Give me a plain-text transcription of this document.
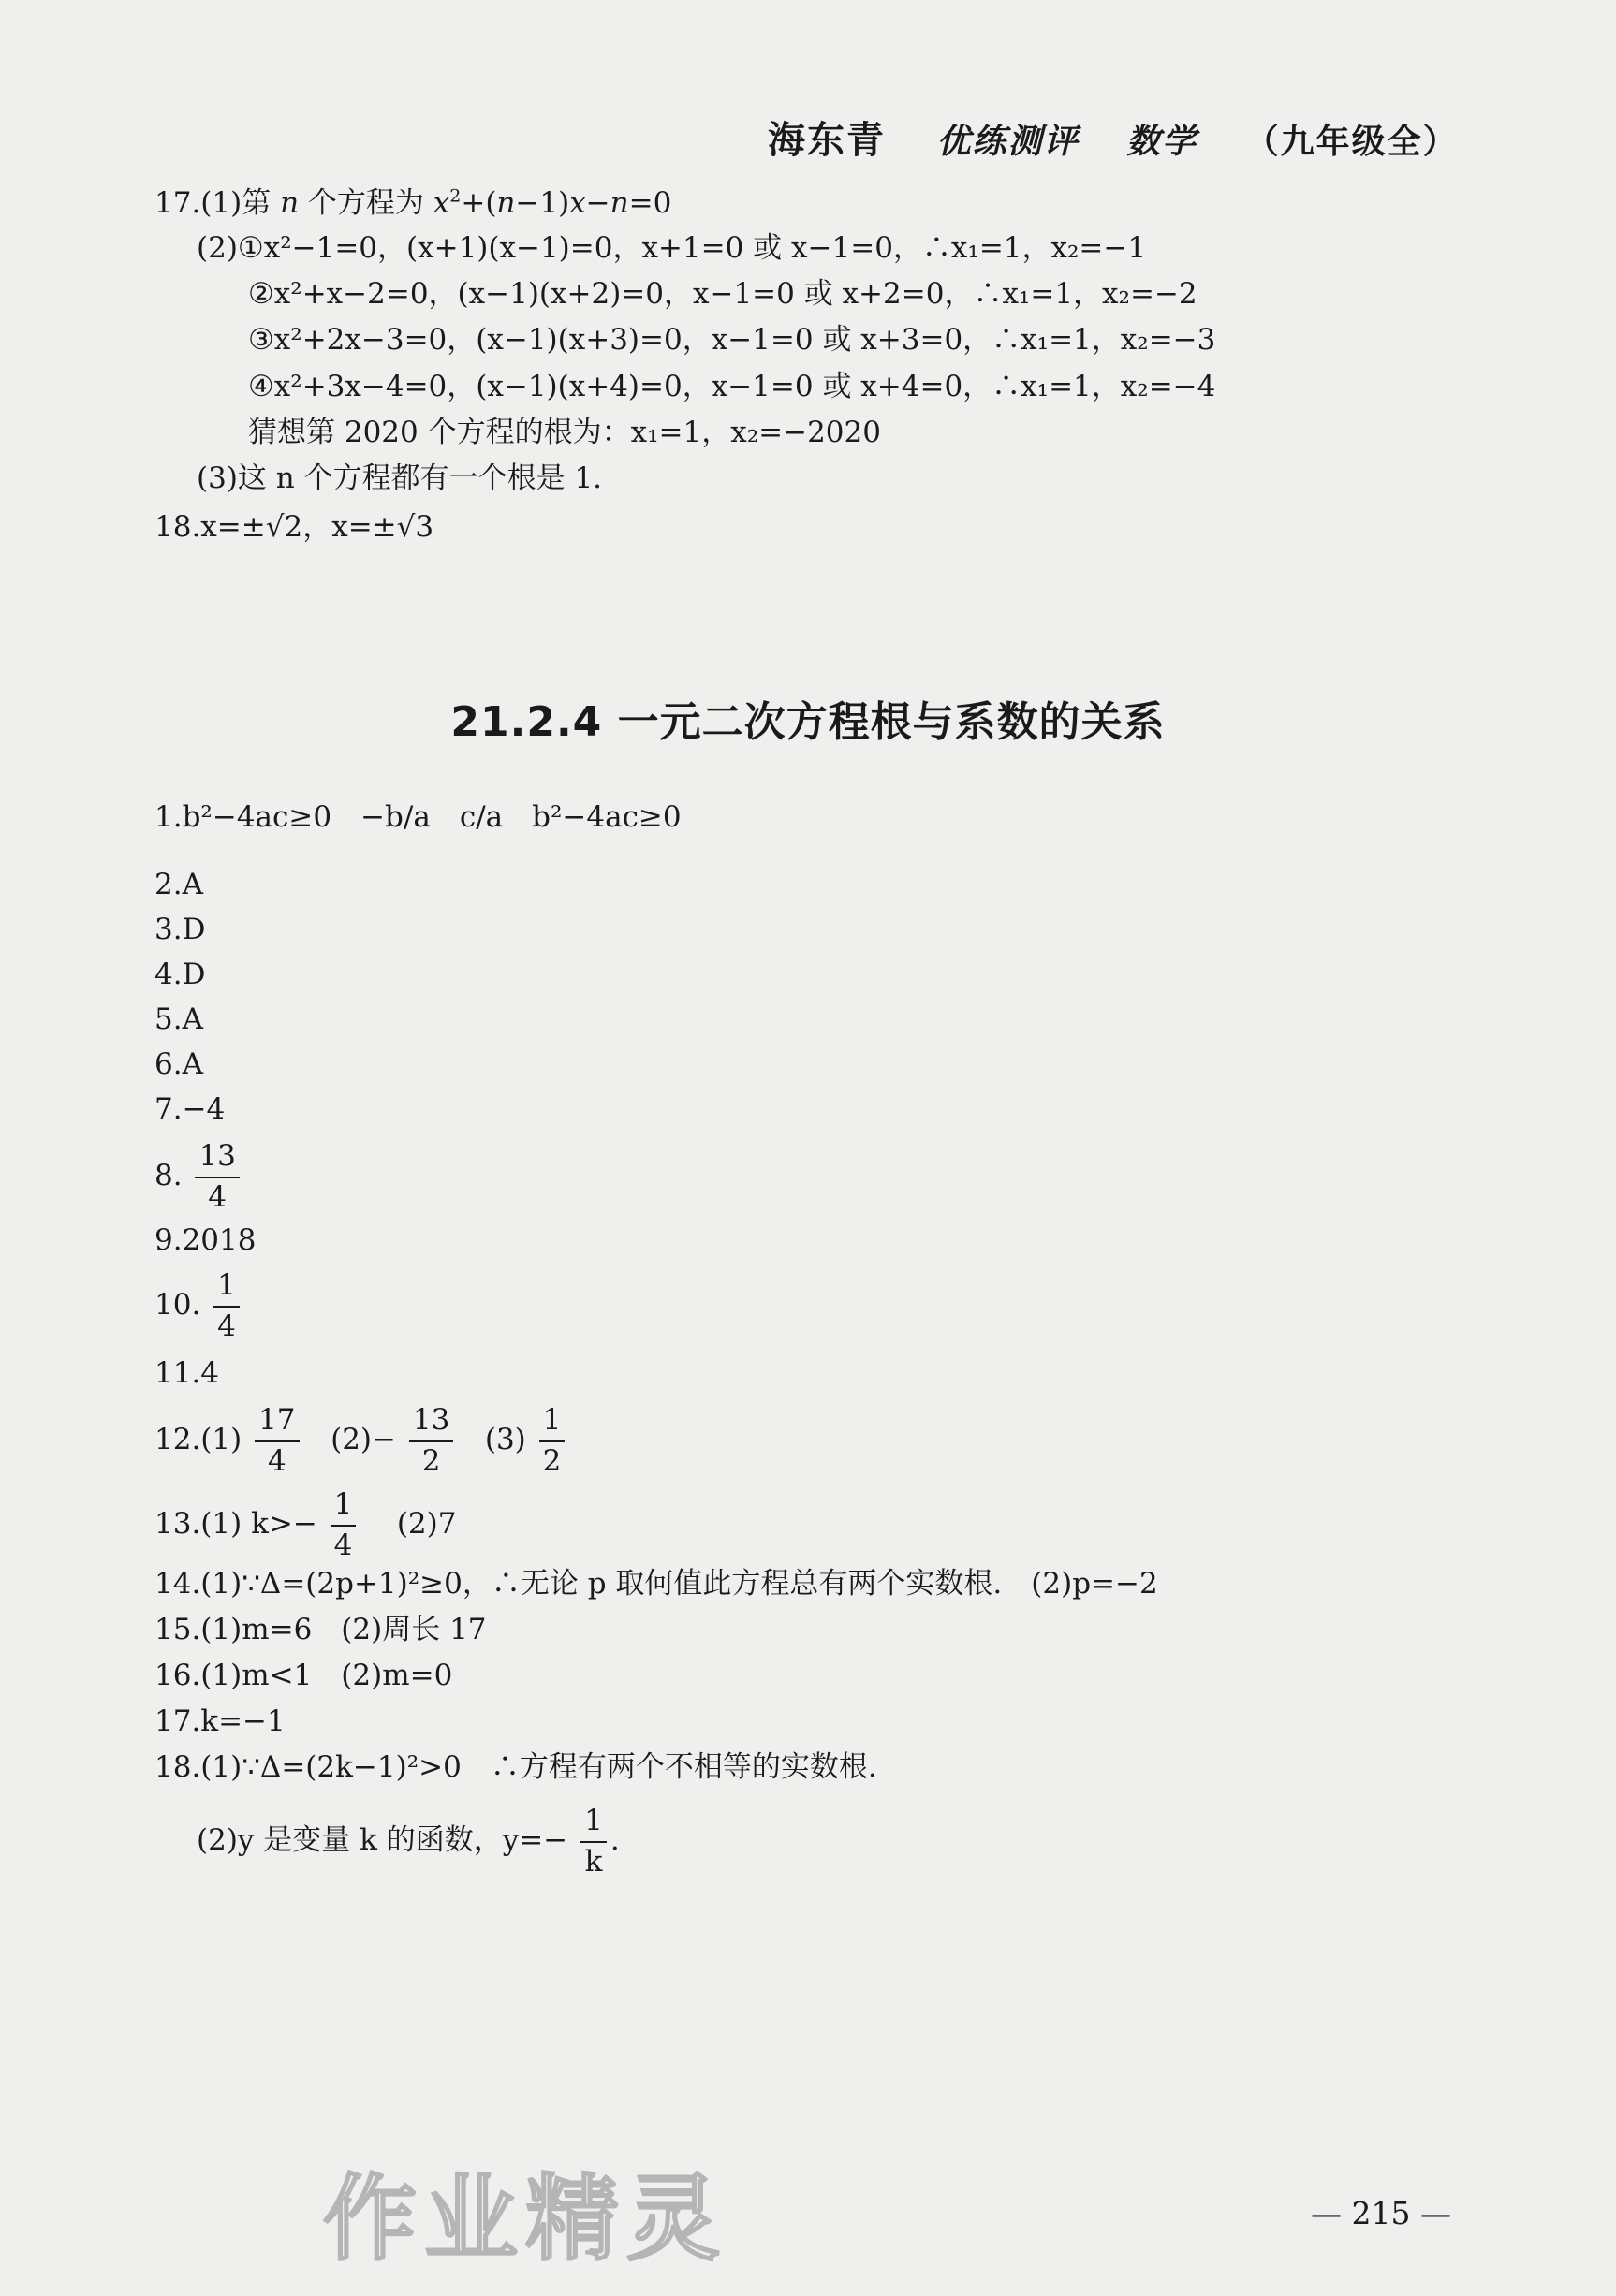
海东青 优练测评 数学 （九年级全）
17.(1)第 n 个方程为 $x^2+(n-1)x-n=0$
(2)①x²−1=0，(x+1)(x−1)=0，x+1=0 或 x−1=0，∴x₁=1，x₂=−1
②x²+x−2=0，(x−1)(x+2)=0，x−1=0 或 x+2=0，∴x₁=1，x₂=−2
③x²+2x−3=0，(x−1)(x+3)=0，x−1=0 或 x+3=0，∴x₁=1，x₂=−3
④x²+3x−4=0，(x−1)(x+4)=0，x−1=0 或 x+4=0，∴x₁=1，x₂=−4
猜想第 2020 个方程的根为：x₁=1，x₂=−2020
(3)这 n 个方程都有一个根是 1.
18.x=±√2，x=±√3
21.2.4 一元二次方程根与系数的关系
1.b²−4ac≥0　−b/a　c/a　b²−4ac≥0
2.A
3.D
4.D
5.A
6.A
7.−4
8. $\frac{13}{4}$
9.2018
10. $\frac{1}{4}$
11.4
$12.(1) \frac{17}{4} (2)- \frac{13}{2} (3) \frac{1}{2}$
13.(1) $k>- \frac{1}{4} (2)7$
14.(1)∵Δ=(2p+1)²≥0，∴无论 p 取何值此方程总有两个实数根.　(2)p=−2
15.(1)m=6　(2)周长 17
16.(1)m<1　(2)m=0
17.k=−1
18.(1)∵Δ=(2k−1)²>0　∴方程有两个不相等的实数根.
(2)y 是变量 k 的函数，$y=- \frac{1}{k}$ .
作业精灵	— 215 —
